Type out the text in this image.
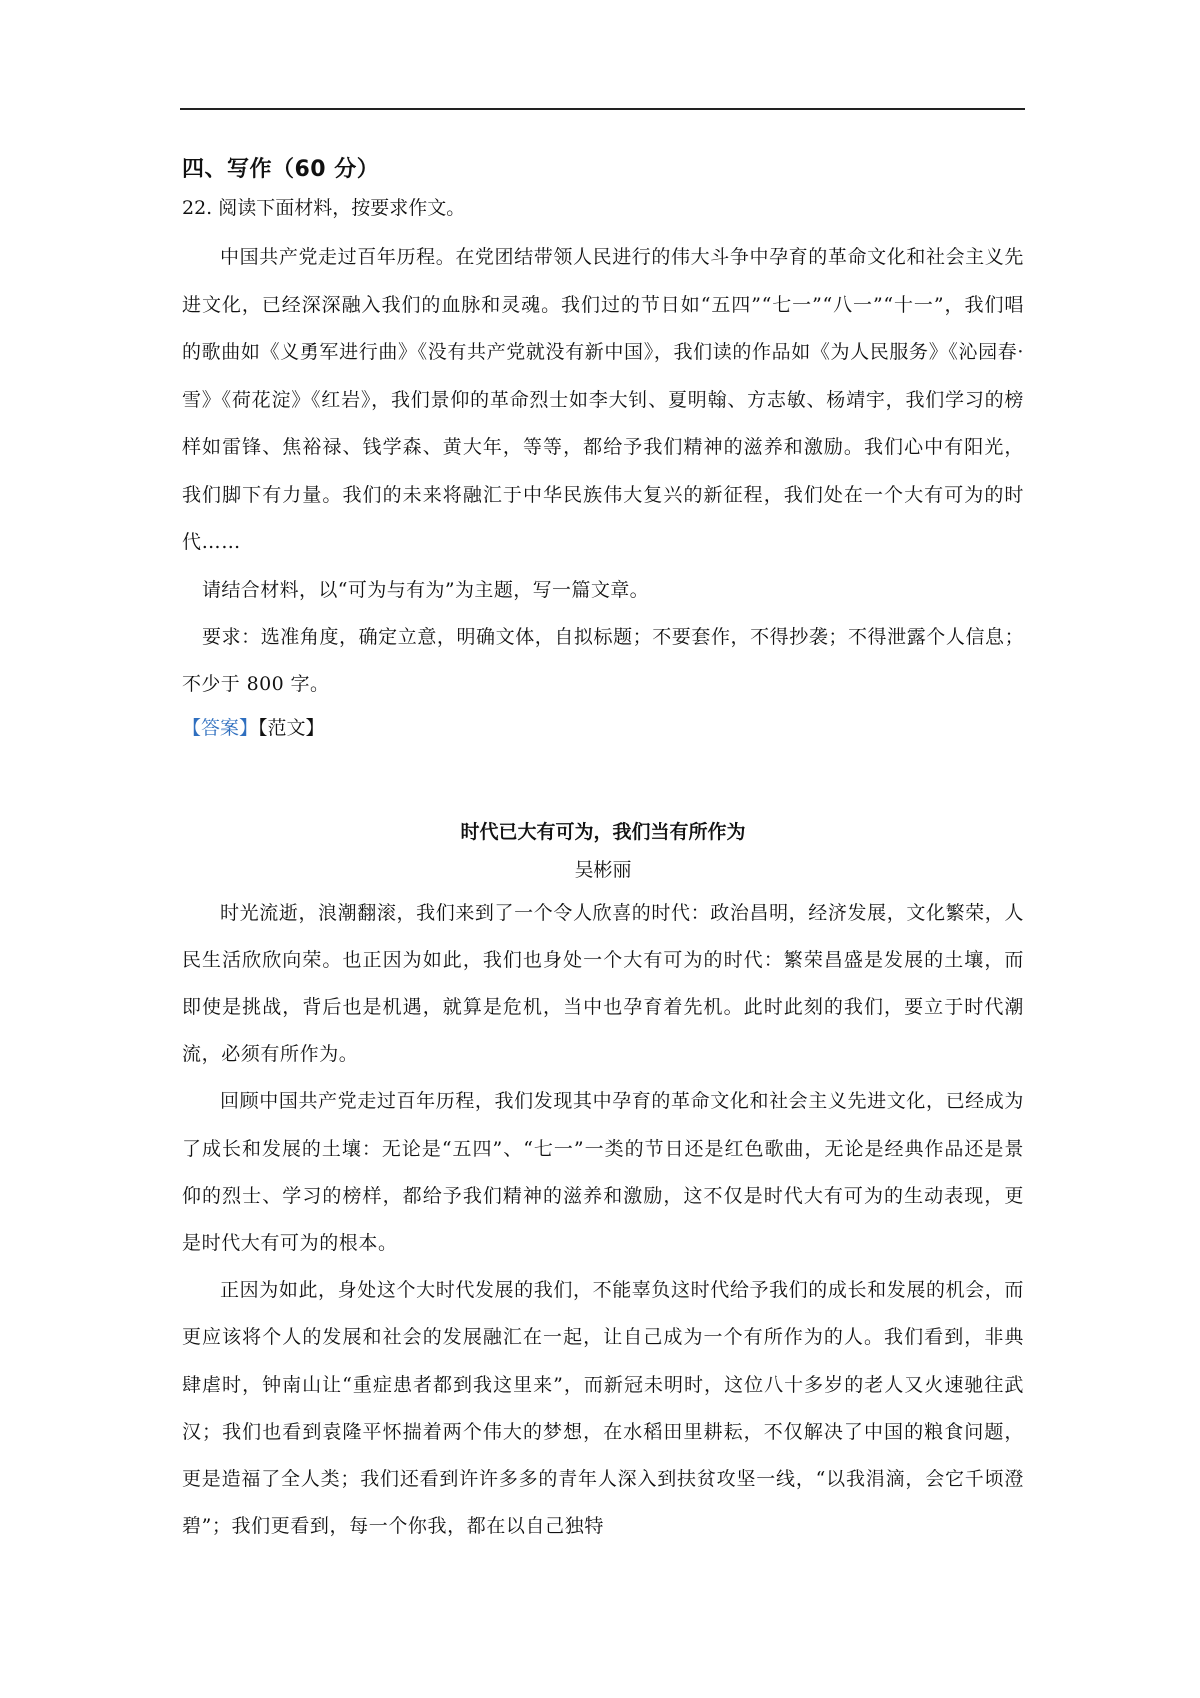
四、写作（60 分）

22. 阅读下面材料，按要求作文。

中国共产党走过百年历程。在党团结带领人民进行的伟大斗争中孕育的革命文化和社会主义先进文化，已经深深融入我们的血脉和灵魂。我们过的节日如“五四”“七一”“八一”“十一”，我们唱的歌曲如《义勇军进行曲》《没有共产党就没有新中国》，我们读的作品如《为人民服务》《沁园春·雪》《荷花淀》《红岩》，我们景仰的革命烈士如李大钊、夏明翰、方志敏、杨靖宇，我们学习的榜样如雷锋、焦裕禄、钱学森、黄大年，等等，都给予我们精神的滋养和激励。我们心中有阳光，我们脚下有力量。我们的未来将融汇于中华民族伟大复兴的新征程，我们处在一个大有可为的时代……

请结合材料，以“可为与有为”为主题，写一篇文章。

要求：选准角度，确定立意，明确文体，自拟标题；不要套作，不得抄袭；不得泄露个人信息；不少于 800 字。

【答案】【范文】

时代已大有可为，我们当有所作为

吴彬丽

时光流逝，浪潮翻滚，我们来到了一个令人欣喜的时代：政治昌明，经济发展，文化繁荣，人民生活欣欣向荣。也正因为如此，我们也身处一个大有可为的时代：繁荣昌盛是发展的土壤，而即使是挑战，背后也是机遇，就算是危机，当中也孕育着先机。此时此刻的我们，要立于时代潮流，必须有所作为。

回顾中国共产党走过百年历程，我们发现其中孕育的革命文化和社会主义先进文化，已经成为了成长和发展的土壤：无论是“五四”、“七一”一类的节日还是红色歌曲，无论是经典作品还是景仰的烈士、学习的榜样，都给予我们精神的滋养和激励，这不仅是时代大有可为的生动表现，更是时代大有可为的根本。

正因为如此，身处这个大时代发展的我们，不能辜负这时代给予我们的成长和发展的机会，而更应该将个人的发展和社会的发展融汇在一起，让自己成为一个有所作为的人。我们看到，非典肆虐时，钟南山让“重症患者都到我这里来”，而新冠未明时，这位八十多岁的老人又火速驰往武汉；我们也看到袁隆平怀揣着两个伟大的梦想，在水稻田里耕耘，不仅解决了中国的粮食问题，更是造福了全人类；我们还看到许许多多的青年人深入到扶贫攻坚一线，“以我涓滴，会它千顷澄碧”；我们更看到，每一个你我，都在以自己独特
